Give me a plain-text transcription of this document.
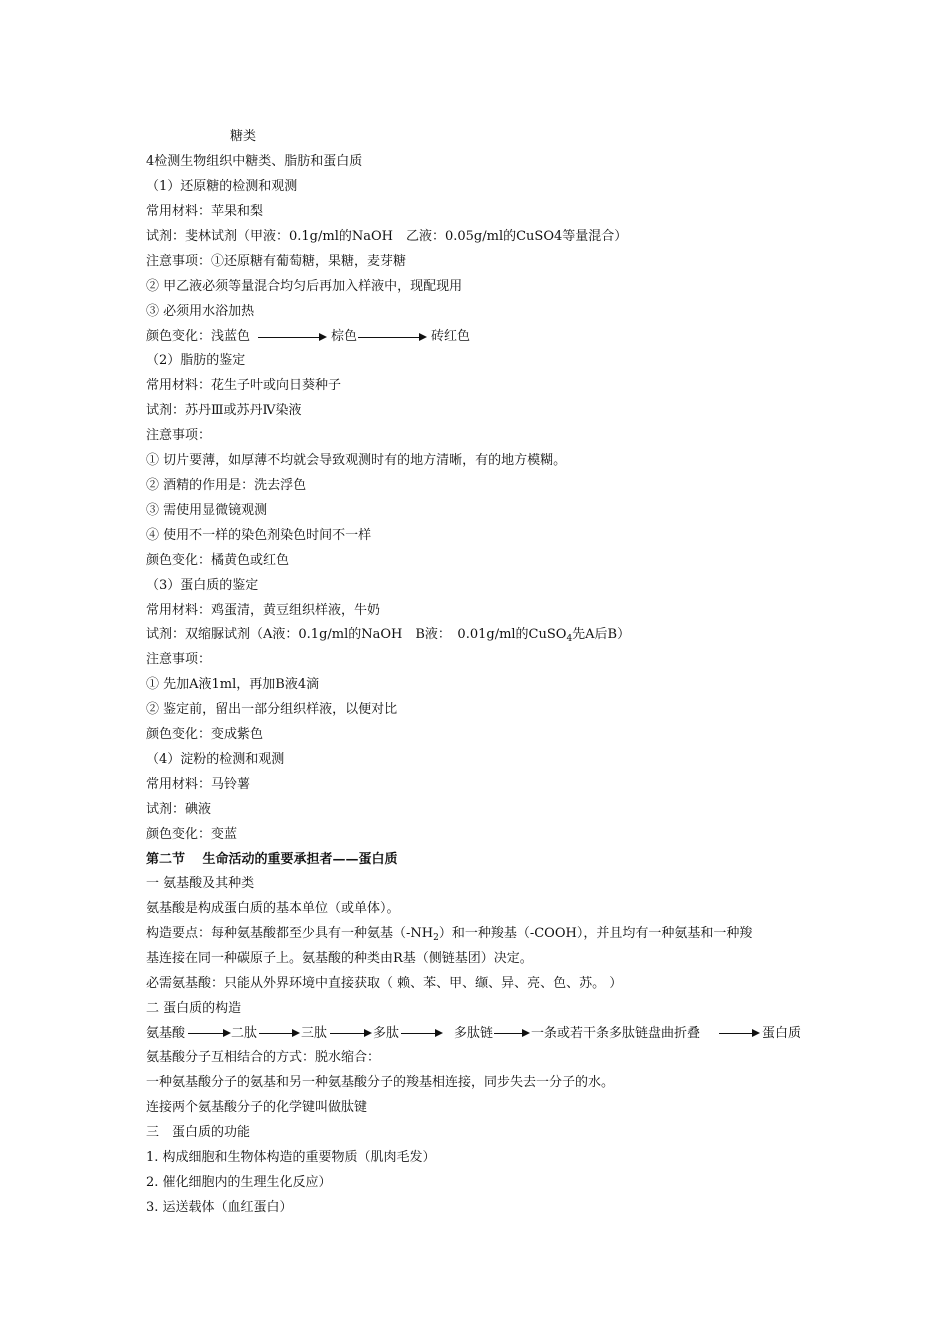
糖类
4检测生物组织中糖类、脂肪和蛋白质
（1）还原糖的检测和观测
常用材料：苹果和梨
试剂：斐林试剂（甲液：0.1g/ml的NaOH　乙液：0.05g/ml的CuSO4等量混合）
注意事项：①还原糖有葡萄糖，果糖，麦芽糖
② 甲乙液必须等量混合均匀后再加入样液中，现配现用
③ 必须用水浴加热
颜色变化：浅蓝色	棕色	砖红色
（2）脂肪的鉴定
常用材料：花生子叶或向日葵种子
试剂：苏丹Ⅲ或苏丹Ⅳ染液
注意事项：
① 切片要薄，如厚薄不均就会导致观测时有的地方清晰，有的地方模糊。
② 酒精的作用是：洗去浮色
③ 需使用显微镜观测
④ 使用不一样的染色剂染色时间不一样
颜色变化：橘黄色或红色
（3）蛋白质的鉴定
常用材料：鸡蛋清，黄豆组织样液，牛奶
试剂：双缩脲试剂（A液：0.1g/ml的NaOH　B液：　0.01g/ml的CuSO$_4$先A后B）
注意事项：
① 先加A液1ml，再加B液4滴
② 鉴定前，留出一部分组织样液，以便对比
颜色变化：变成紫色
（4）淀粉的检测和观测
常用材料：马铃薯
试剂：碘液
颜色变化：变蓝
第二节　 生命活动的重要承担者——蛋白质
一 氨基酸及其种类
氨基酸是构成蛋白质的基本单位（或单体）。
构造要点：每种氨基酸都至少具有一种氨基$(-NH_2)$和一种羧基（-COOH），并且均有一种氨基和一种羧
基连接在同一种碳原子上。氨基酸的种类由R基（侧链基团）决定。
必需氨基酸：只能从外界环境中直接获取（ 赖、苯、甲、缬、异、亮、色、苏。 ）
二 蛋白质的构造
氨基酸	二肽	三肽	多肽	多肽链	一条或若干条多肽链盘曲折叠	蛋白质
氨基酸分子互相结合的方式：脱水缩合：
一种氨基酸分子的氨基和另一种氨基酸分子的羧基相连接，同步失去一分子的水。
连接两个氨基酸分子的化学键叫做肽键
三　蛋白质的功能
1. 构成细胞和生物体构造的重要物质（肌肉毛发）
2. 催化细胞内的生理生化反应）
3. 运送载体（血红蛋白）
